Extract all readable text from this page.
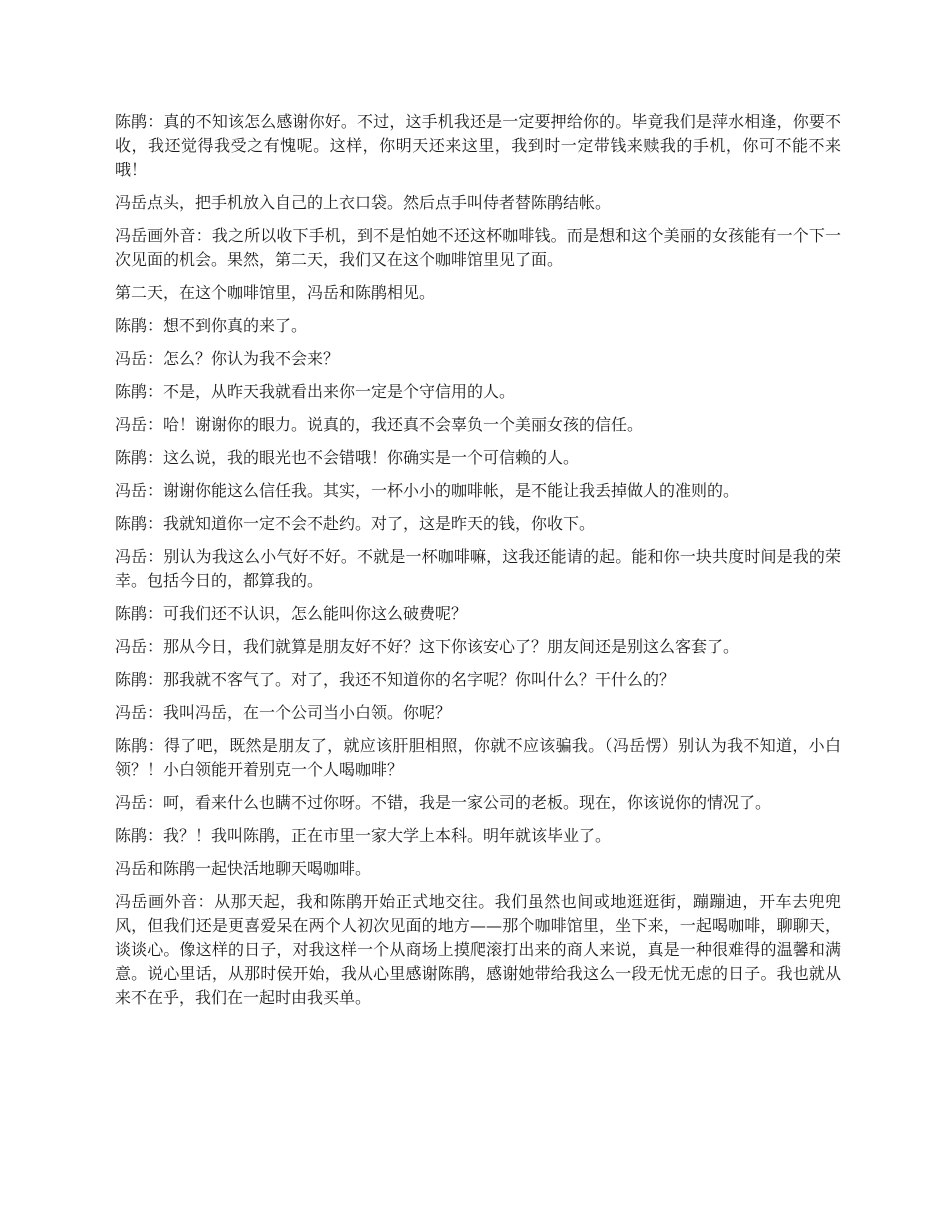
陈鹃：真的不知该怎么感谢你好。不过，这手机我还是一定要押给你的。毕竟我们是萍水相逢，你要不收，我还觉得我受之有愧呢。这样，你明天还来这里，我到时一定带钱来赎我的手机，你可不能不来哦！

冯岳点头，把手机放入自己的上衣口袋。然后点手叫侍者替陈鹃结帐。

冯岳画外音：我之所以收下手机，到不是怕她不还这杯咖啡钱。而是想和这个美丽的女孩能有一个下一次见面的机会。果然，第二天，我们又在这个咖啡馆里见了面。

第二天，在这个咖啡馆里，冯岳和陈鹃相见。

陈鹃：想不到你真的来了。

冯岳：怎么？你认为我不会来？

陈鹃：不是，从昨天我就看出来你一定是个守信用的人。

冯岳：哈！谢谢你的眼力。说真的，我还真不会辜负一个美丽女孩的信任。

陈鹃：这么说，我的眼光也不会错哦！你确实是一个可信赖的人。

冯岳：谢谢你能这么信任我。其实，一杯小小的咖啡帐，是不能让我丢掉做人的准则的。

陈鹃：我就知道你一定不会不赴约。对了，这是昨天的钱，你收下。

冯岳：别认为我这么小气好不好。不就是一杯咖啡嘛，这我还能请的起。能和你一块共度时间是我的荣幸。包括今日的，都算我的。

陈鹃：可我们还不认识，怎么能叫你这么破费呢？

冯岳：那从今日，我们就算是朋友好不好？这下你该安心了？朋友间还是别这么客套了。

陈鹃：那我就不客气了。对了，我还不知道你的名字呢？你叫什么？干什么的？

冯岳：我叫冯岳，在一个公司当小白领。你呢？

陈鹃：得了吧，既然是朋友了，就应该肝胆相照，你就不应该骗我。（冯岳愣）别认为我不知道，小白领？！小白领能开着别克一个人喝咖啡？

冯岳：呵，看来什么也瞒不过你呀。不错，我是一家公司的老板。现在，你该说你的情况了。

陈鹃：我？！我叫陈鹃，正在市里一家大学上本科。明年就该毕业了。

冯岳和陈鹃一起快活地聊天喝咖啡。

冯岳画外音：从那天起，我和陈鹃开始正式地交往。我们虽然也间或地逛逛街，蹦蹦迪，开车去兜兜风，但我们还是更喜爱呆在两个人初次见面的地方——那个咖啡馆里，坐下来，一起喝咖啡，聊聊天，谈谈心。像这样的日子，对我这样一个从商场上摸爬滚打出来的商人来说，真是一种很难得的温馨和满意。说心里话，从那时侯开始，我从心里感谢陈鹃，感谢她带给我这么一段无忧无虑的日子。我也就从来不在乎，我们在一起时由我买单。
